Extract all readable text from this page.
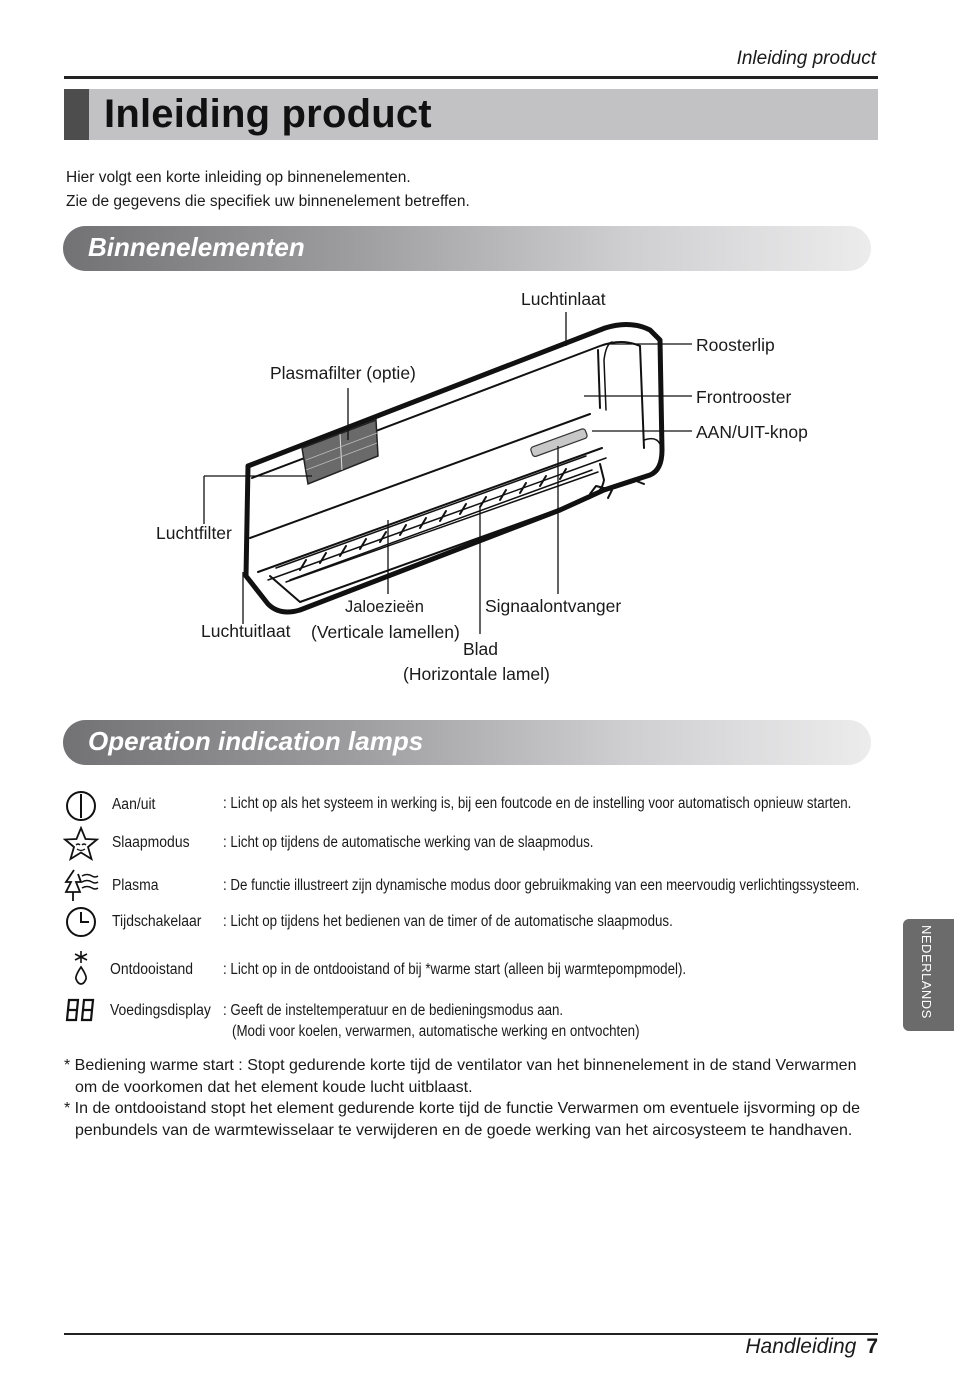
Inleiding product
Inleiding product
Hier volgt een korte inleiding op binnenelementen.
Zie de gegevens die specifiek uw binnenelement betreffen.
Binnenelementen
Luchtinlaat
Plasmafilter (optie)
Roosterlip
Frontrooster
AAN/UIT-knop
Luchtfilter
Jaloezieën
(Verticale lamellen)
Signaalontvanger
Luchtuitlaat
Blad
(Horizontale lamel)
Operation indication lamps
Aan/uit
Slaapmodus
Plasma
Tijdschakelaar
Ontdooistand
Voedingsdisplay
: Licht op als het systeem in werking is, bij een foutcode en de instelling voor automatisch opnieuw starten.
: Licht op tijdens de automatische werking van de slaapmodus.
: De functie illustreert zijn dynamische modus door gebruikmaking van een meervoudig verlichtingssysteem.
: Licht op tijdens het bedienen van de timer of de automatische slaapmodus.
: Licht op in de ontdooistand of bij *warme start (alleen bij warmtepompmodel).
: Geeft de insteltemperatuur en de bedieningsmodus aan.
(Modi voor koelen, verwarmen, automatische werking en ontvochten)
* Bediening warme start : Stopt gedurende korte tijd de ventilator van het binnenelement in de stand Verwarmen
om de voorkomen dat het element koude lucht uitblaast.
* In de ontdooistand stopt het element gedurende korte tijd de functie Verwarmen om eventuele ijsvorming op de
penbundels van de warmtewisselaar te verwijderen en de goede werking van het aircosysteem te handhaven.
NEDERLANDS
Handleiding 7
